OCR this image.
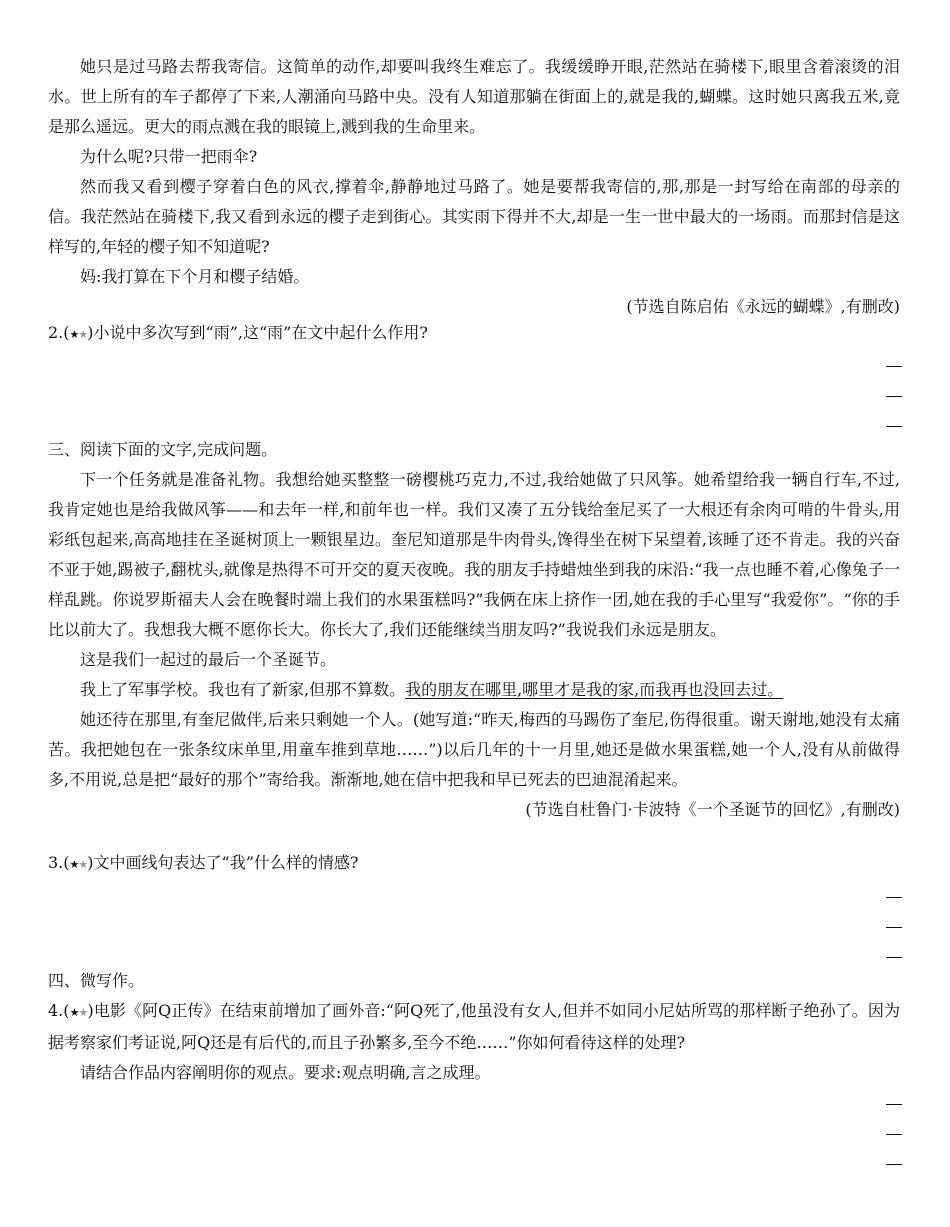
她只是过马路去帮我寄信。这简单的动作,却要叫我终生难忘了。我缓缓睁开眼,茫然站在骑楼下,眼里含着滚烫的泪水。世上所有的车子都停了下来,人潮涌向马路中央。没有人知道那躺在街面上的,就是我的,蝴蝶。这时她只离我五米,竟是那么遥远。更大的雨点溅在我的眼镜上,溅到我的生命里来。

为什么呢?只带一把雨伞?

然而我又看到樱子穿着白色的风衣,撑着伞,静静地过马路了。她是要帮我寄信的,那,那是一封写给在南部的母亲的信。我茫然站在骑楼下,我又看到永远的樱子走到街心。其实雨下得并不大,却是一生一世中最大的一场雨。而那封信是这样写的,年轻的樱子知不知道呢?

妈:我打算在下个月和樱子结婚。

(节选自陈启佑《永远的蝴蝶》,有删改)

2.(★★)小说中多次写到“雨”,这“雨”在文中起什么作用?

三、阅读下面的文字,完成问题。

下一个任务就是准备礼物。我想给她买整整一磅樱桃巧克力,不过,我给她做了只风筝。她希望给我一辆自行车,不过,我肯定她也是给我做风筝——和去年一样,和前年也一样。我们又凑了五分钱给奎尼买了一大根还有余肉可啃的牛骨头,用彩纸包起来,高高地挂在圣诞树顶上一颗银星边。奎尼知道那是牛肉骨头,馋得坐在树下呆望着,该睡了还不肯走。我的兴奋不亚于她,踢被子,翻枕头,就像是热得不可开交的夏天夜晚。我的朋友手持蜡烛坐到我的床沿:“我一点也睡不着,心像兔子一样乱跳。你说罗斯福夫人会在晚餐时端上我们的水果蛋糕吗?”我俩在床上挤作一团,她在我的手心里写“我爱你”。“你的手比以前大了。我想我大概不愿你长大。你长大了,我们还能继续当朋友吗?”我说我们永远是朋友。

这是我们一起过的最后一个圣诞节。

我上了军事学校。我也有了新家,但那不算数。我的朋友在哪里,哪里才是我的家,而我再也没回去过。

她还待在那里,有奎尼做伴,后来只剩她一个人。(她写道:“昨天,梅西的马踢伤了奎尼,伤得很重。谢天谢地,她没有太痛苦。我把她包在一张条纹床单里,用童车推到草地……”)以后几年的十一月里,她还是做水果蛋糕,她一个人,没有从前做得多,不用说,总是把“最好的那个”寄给我。渐渐地,她在信中把我和早已死去的巴迪混淆起来。

(节选自杜鲁门·卡波特《一个圣诞节的回忆》,有删改)

3.(★★)文中画线句表达了“我”什么样的情感?

四、微写作。

4.(★★)电影《阿Q正传》在结束前增加了画外音:“阿Q死了,他虽没有女人,但并不如同小尼姑所骂的那样断子绝孙了。因为据考察家们考证说,阿Q还是有后代的,而且子孙繁多,至今不绝……”你如何看待这样的处理?

请结合作品内容阐明你的观点。要求:观点明确,言之成理。
